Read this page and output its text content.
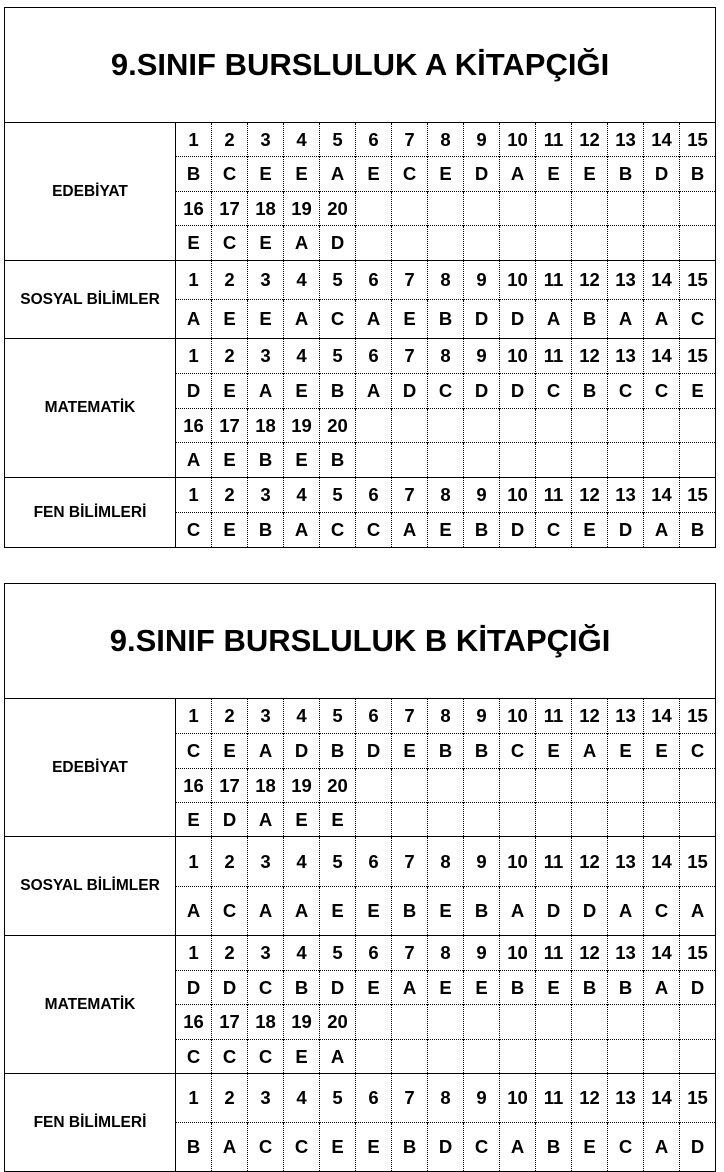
9.SINIF BURSLULUK A KİTAPÇIĞI															
EDEBİYAT	1	2	3	4	5	6	7	8	9	10	11	12	13	14	15
	B	C	E	E	A	E	C	E	D	A	E	E	B	D	B
	16	17	18	19	20										
	E	C	E	A	D										
SOSYAL BİLİMLER	1	2	3	4	5	6	7	8	9	10	11	12	13	14	15
	A	E	E	A	C	A	E	B	D	D	A	B	A	A	C
MATEMATİK	1	2	3	4	5	6	7	8	9	10	11	12	13	14	15
	D	E	A	E	B	A	D	C	D	D	C	B	C	C	E
	16	17	18	19	20										
	A	E	B	E	B										
FEN BİLİMLERİ	1	2	3	4	5	6	7	8	9	10	11	12	13	14	15
	C	E	B	A	C	C	A	E	B	D	C	E	D	A	B
9.SINIF BURSLULUK B KİTAPÇIĞI															
EDEBİYAT	1	2	3	4	5	6	7	8	9	10	11	12	13	14	15
	C	E	A	D	B	D	E	B	B	C	E	A	E	E	C
	16	17	18	19	20										
	E	D	A	E	E										
SOSYAL BİLİMLER	1	2	3	4	5	6	7	8	9	10	11	12	13	14	15
	A	C	A	A	E	E	B	E	B	A	D	D	A	C	A
MATEMATİK	1	2	3	4	5	6	7	8	9	10	11	12	13	14	15
	D	D	C	B	D	E	A	E	E	B	E	B	B	A	D
	16	17	18	19	20										
	C	C	C	E	A										
FEN BİLİMLERİ	1	2	3	4	5	6	7	8	9	10	11	12	13	14	15
	B	A	C	C	E	E	B	D	C	A	B	E	C	A	D
